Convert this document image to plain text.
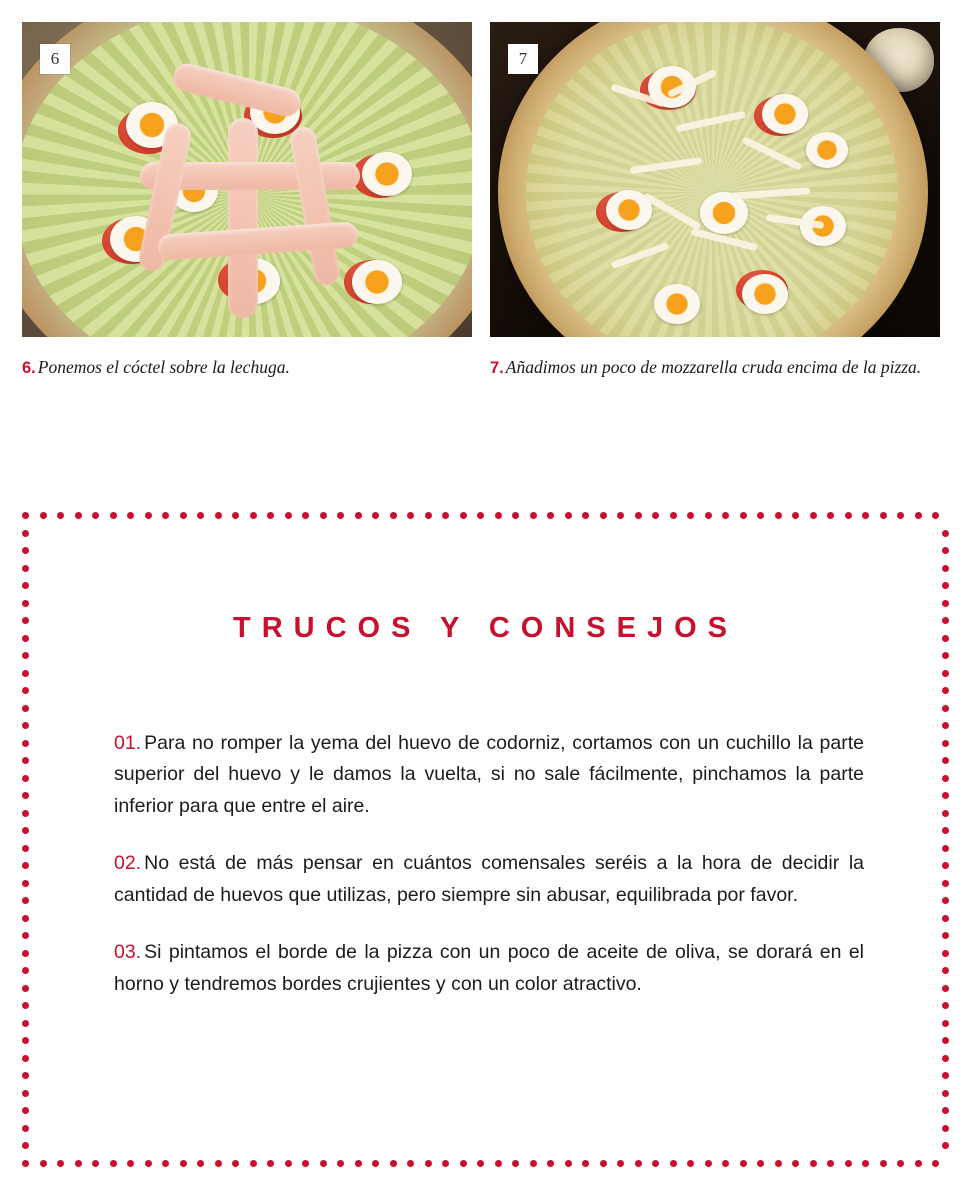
6	7
6. Ponemos el cóctel sobre la lechuga.	7. Añadimos un poco de mozzarella cruda encima de la pizza.
TRUCOS Y CONSEJOS

01. Para no romper la yema del huevo de codorniz, cortamos con un cuchillo la parte superior del huevo y le damos la vuelta, si no sale fácilmente, pinchamos la parte inferior para que entre el aire.

02. No está de más pensar en cuántos comensales seréis a la hora de decidir la cantidad de huevos que utilizas, pero siempre sin abusar, equilibrada por favor.

03. Si pintamos el borde de la pizza con un poco de aceite de oliva, se dorará en el horno y tendremos bordes crujientes y con un color atractivo.
